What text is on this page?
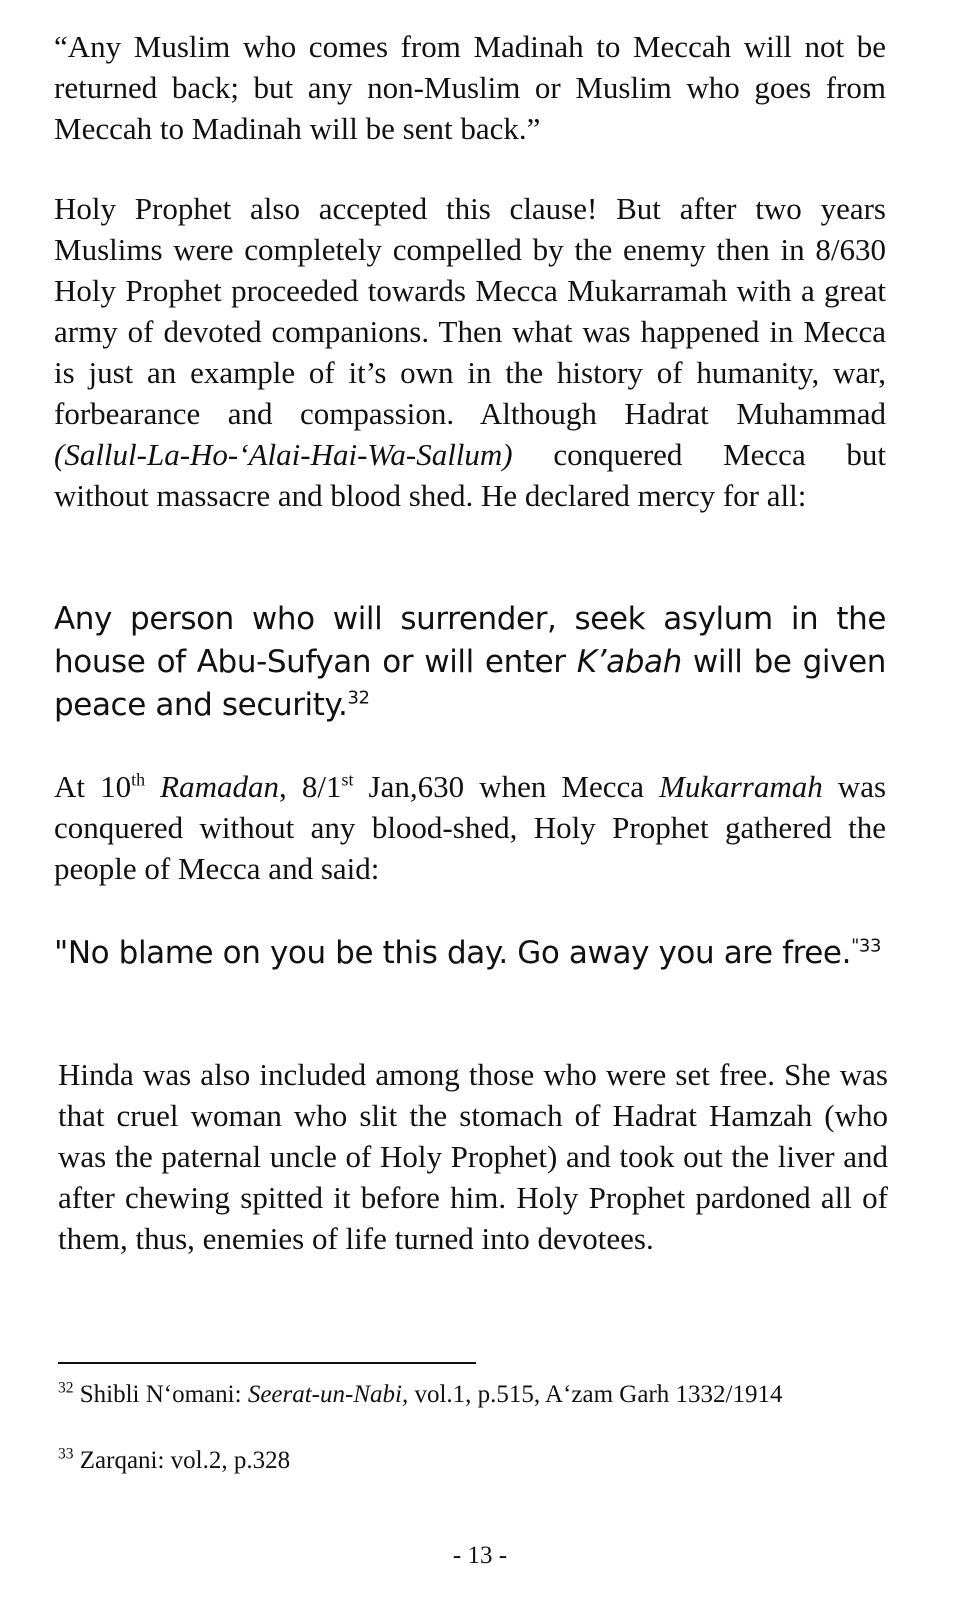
“Any Muslim who comes from Madinah to Meccah will not be returned back; but any non-Muslim or Muslim who goes from Meccah to Madinah will be sent back.”

Holy Prophet also accepted this clause! But after two years Muslims were completely compelled by the enemy then in 8/630 Holy Prophet proceeded towards Mecca Mukarramah with a great army of devoted companions. Then what was happened in Mecca is just an example of it’s own in the history of humanity, war, forbearance and compassion. Although Hadrat Muhammad (Sallul-La-Ho-‘Alai-Hai-Wa-Sallum) conquered Mecca but without massacre and blood shed. He declared mercy for all:

Any person who will surrender, seek asylum in the house of Abu-Sufyan or will enter K’abah will be given peace and security.$^{32}$

At 10th Ramadan, 8/1st Jan,630 when Mecca Mukarramah was conquered without any blood-shed, Holy Prophet gathered the people of Mecca and said:

"No blame on you be this day. Go away you are free.$^{"33}$

Hinda was also included among those who were set free. She was that cruel woman who slit the stomach of Hadrat Hamzah (who was the paternal uncle of Holy Prophet) and took out the liver and after chewing spitted it before him. Holy Prophet pardoned all of them, thus, enemies of life turned into devotees.

$^{32}$ Shibli N‘omani: Seerat-un-Nabi, vol.1, p.515, A‘zam Garh 1332/1914

$^{33}$ Zarqani: vol.2, p.328

- 13 -
